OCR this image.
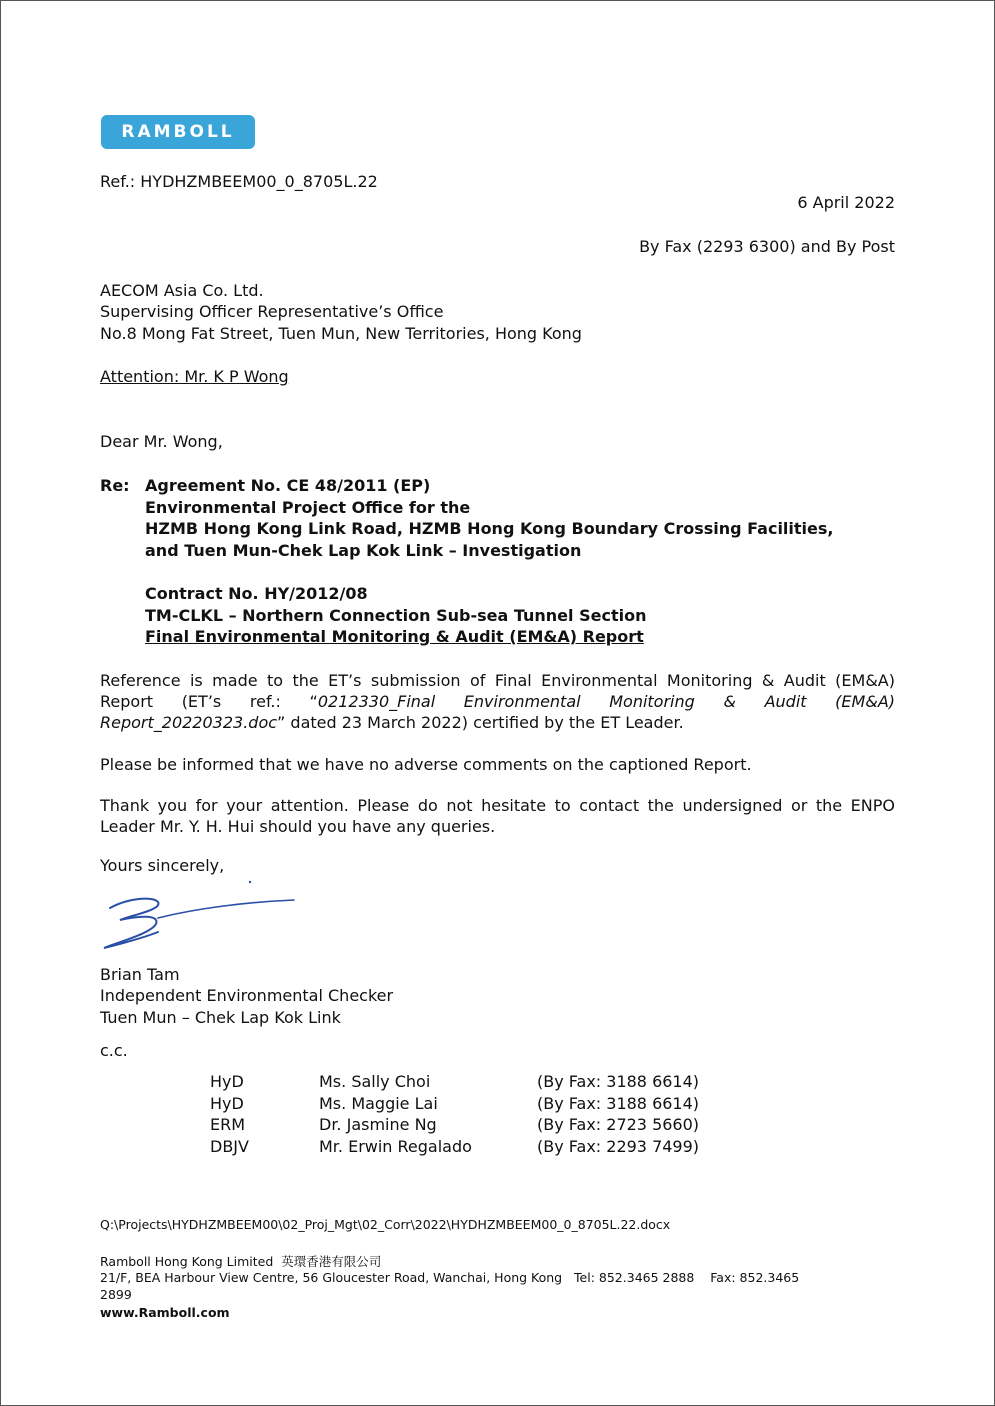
RAMBOLL
Ref.: HYDHZMBEEM00_0_8705L.22
6 April 2022
By Fax (2293 6300) and By Post
AECOM Asia Co. Ltd.
Supervising Officer Representative’s Office
No.8 Mong Fat Street, Tuen Mun, New Territories, Hong Kong
Attention: Mr. K P Wong
Dear Mr. Wong,
Re: Agreement No. CE 48/2011 (EP)
Environmental Project Office for the
HZMB Hong Kong Link Road, HZMB Hong Kong Boundary Crossing Facilities,
and Tuen Mun-Chek Lap Kok Link – Investigation
Contract No. HY/2012/08
TM-CLKL – Northern Connection Sub-sea Tunnel Section
Final Environmental Monitoring & Audit (EM&A) Report
Reference is made to the ET’s submission of Final Environmental Monitoring & Audit (EM&A)
Report (ET’s ref.: “0212330_Final Environmental Monitoring & Audit (EM&A)
Report_20220323.doc” dated 23 March 2022) certified by the ET Leader.
Please be informed that we have no adverse comments on the captioned Report.
Thank you for your attention. Please do not hesitate to contact the undersigned or the ENPO
Leader Mr. Y. H. Hui should you have any queries.
Yours sincerely,
Brian Tam
Independent Environmental Checker
Tuen Mun – Chek Lap Kok Link
c.c.
HyD	Ms. Sally Choi	(By Fax: 3188 6614)
HyD	Ms. Maggie Lai	(By Fax: 3188 6614)
ERM	Dr. Jasmine Ng	(By Fax: 2723 5660)
DBJV	Mr. Erwin Regalado	(By Fax: 2293 7499)
Q:\Projects\HYDHZMBEEM00\02_Proj_Mgt\02_Corr\2022\HYDHZMBEEM00_0_8705L.22.docx
Ramboll Hong Kong Limited 英環香港有限公司
21/F, BEA Harbour View Centre, 56 Gloucester Road, Wanchai, Hong Kong Tel: 852.3465 2888 Fax: 852.3465
2899
www.Ramboll.com
